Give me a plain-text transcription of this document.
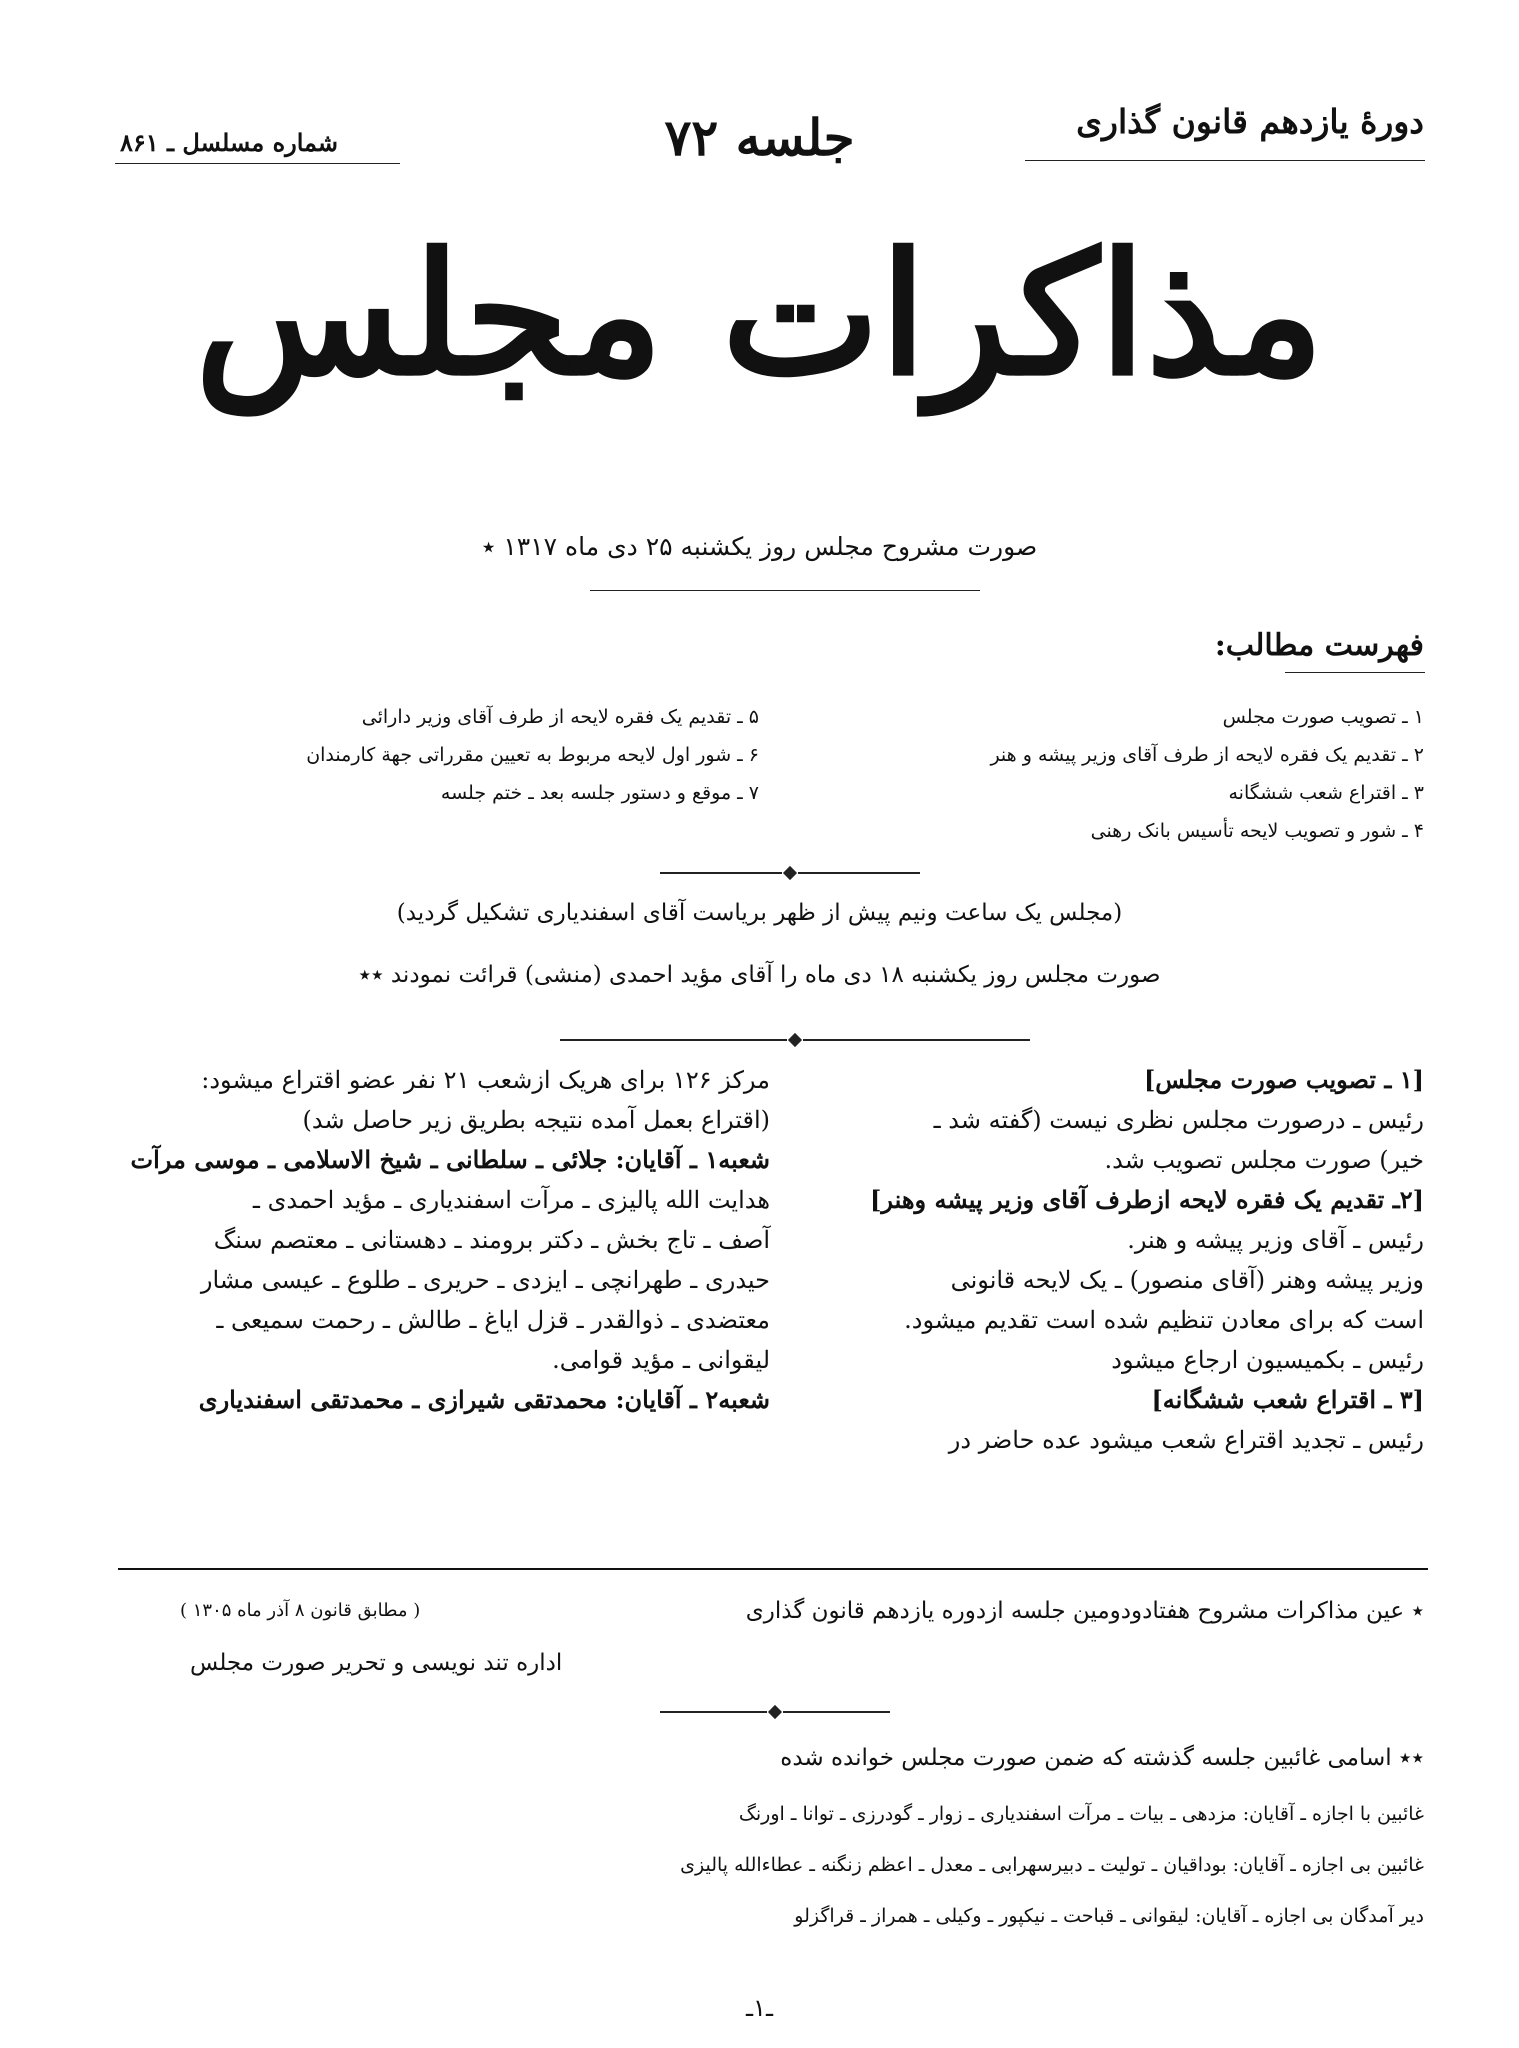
دورهٔ یازدهم قانون گذاری
جلسه ۷۲
شماره مسلسل ـ ۸۶۱
مذاکرات مجلس
صورت مشروح مجلس روز یکشنبه ۲۵ دی ماه ۱۳۱۷ ٭
فهرست مطالب:
۱ ـ تصویب صورت مجلس
۲ ـ تقدیم یک فقره لایحه از طرف آقای وزیر پیشه و هنر
۳ ـ اقتراع شعب ششگانه
۴ ـ شور و تصویب لایحه تأسیس بانک رهنی
۵ ـ تقدیم یک فقره لایحه از طرف آقای وزیر دارائی
۶ ـ شور اول لایحه مربوط به تعیین مقرراتی جهة کارمندان
۷ ـ موقع و دستور جلسه بعد ـ ختم جلسه
(مجلس یک ساعت ونیم پیش از ظهر بریاست آقای اسفندیاری تشکیل گردید)
صورت مجلس روز یکشنبه ۱۸ دی ماه را آقای مؤید احمدی (منشی) قرائت نمودند ٭٭
[۱ ـ تصویب صورت مجلس]
رئیس ـ درصورت مجلس نظری نیست (گفته شد ـ
خیر) صورت مجلس تصویب شد.
[۲ـ تقدیم یک فقره لایحه ازطرف آقای وزیر پیشه وهنر]
رئیس ـ آقای وزیر پیشه و هنر.
وزیر پیشه وهنر (آقای منصور) ـ یک لایحه قانونی
است که برای معادن تنظیم شده است تقدیم میشود.
رئیس ـ بکمیسیون ارجاع میشود
[۳ ـ اقتراع شعب ششگانه]
رئیس ـ تجدید اقتراع شعب میشود عده حاضر در
مرکز ۱۲۶ برای هریک ازشعب ۲۱ نفر عضو اقتراع میشود:
(اقتراع بعمل آمده نتیجه بطریق زیر حاصل شد)
شعبه۱ ـ آقایان: جلائی ـ سلطانی ـ شیخ الاسلامی ـ موسی مرآت
هدایت الله پالیزی ـ مرآت اسفندیاری ـ مؤید احمدی ـ
آصف ـ تاج بخش ـ دکتر برومند ـ دهستانی ـ معتصم سنگ
حیدری ـ طهرانچی ـ ایزدی ـ حریری ـ طلوع ـ عیسی مشار
معتضدی ـ ذوالقدر ـ قزل ایاغ ـ طالش ـ رحمت سمیعی ـ
لیقوانی ـ مؤید قوامی.
شعبه۲ ـ آقایان: محمدتقی شیرازی ـ محمدتقی اسفندیاری
٭ عین مذاکرات مشروح هفتادودومین جلسه ازدوره یازدهم قانون گذاری
( مطابق قانون ۸ آذر ماه ۱۳۰۵ )
اداره تند نویسی و تحریر صورت مجلس
٭٭ اسامی غائبین جلسه گذشته که ضمن صورت مجلس خوانده شده
غائبین با اجازه ـ آقایان: مزدهی ـ بیات ـ مرآت اسفندیاری ـ زوار ـ گودرزی ـ توانا ـ اورنگ
غائبین بی اجازه ـ آقایان: بوداقیان ـ تولیت ـ دبیرسهرابی ـ معدل ـ اعظم زنگنه ـ عطاءالله پالیزی
دیر آمدگان بی اجازه ـ آقایان: لیقوانی ـ قباحت ـ نیکپور ـ وکیلی ـ همراز ـ قراگزلو
ـ۱ـ
